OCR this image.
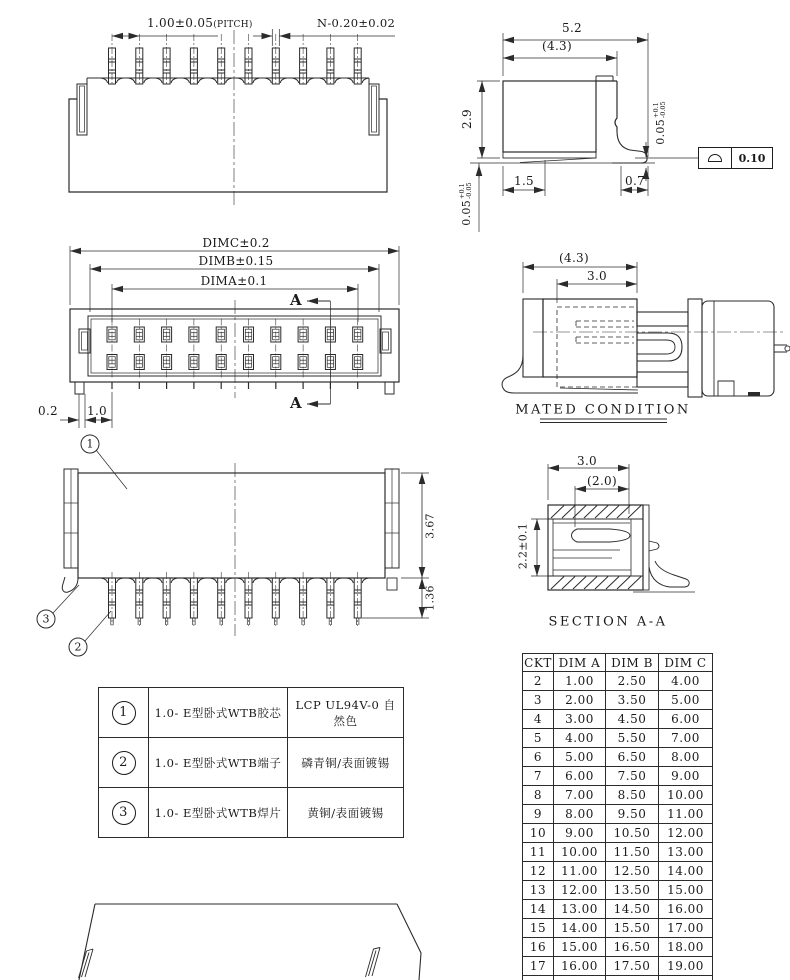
1.00±0.05(PITCH)	N-0.20±0.02	5.2
(4.3)
2.9	0.05
+0.1 -0.05
0.05
+0.1 -0.05
1.5	0.7
0.10
DIMC±0.2
DIMB±0.15
DIMA±0.1
A
A
0.2 1.0
(4.3)
3.0
MATED CONDITION
1
3
2
3.67
1.36
3.0
(2.0)
2.2±0.1
SECTION A-A
1	1.0- E型卧式WTB胶芯	LCP UL94V-0 自然色
2	1.0- E型卧式WTB端子	磷青铜/表面镀锡
3	1.0- E型卧式WTB焊片	黄铜/表面镀锡
CKT	DIM A	DIM B	DIM C
2	1.00	2.50	4.00
3	2.00	3.50	5.00
4	3.00	4.50	6.00
5	4.00	5.50	7.00
6	5.00	6.50	8.00
7	6.00	7.50	9.00
8	7.00	8.50	10.00
9	8.00	9.50	11.00
10	9.00	10.50	12.00
11	10.00	11.50	13.00
12	11.00	12.50	14.00
13	12.00	13.50	15.00
14	13.00	14.50	16.00
15	14.00	15.50	17.00
16	15.00	16.50	18.00
17	16.00	17.50	19.00
